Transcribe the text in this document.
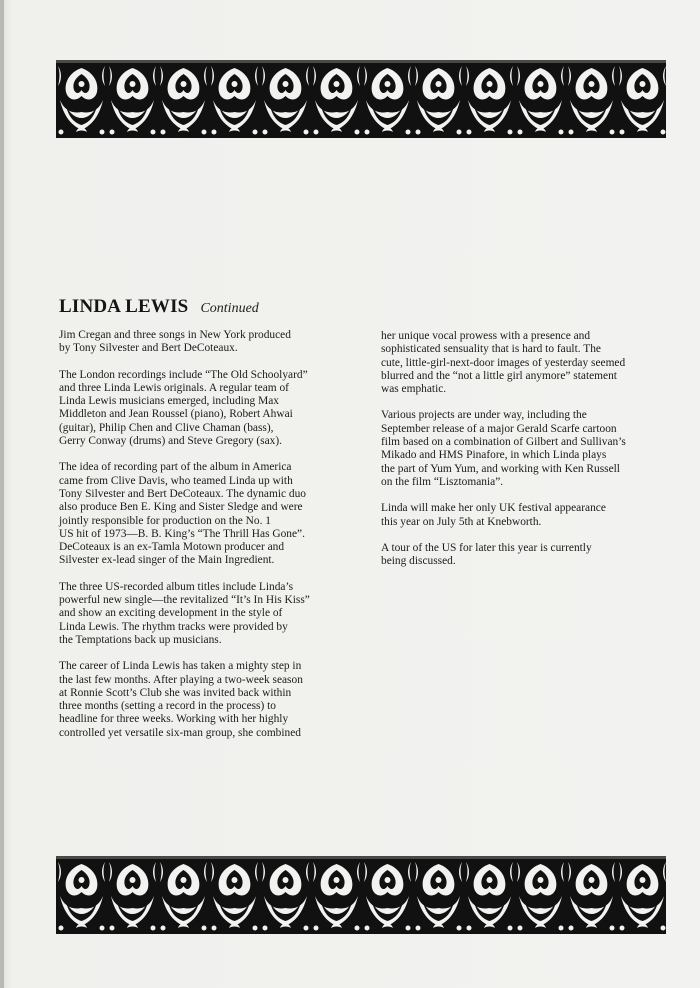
LINDA LEWIS Continued

Jim Cregan and three songs in New York produced
by Tony Silvester and Bert DeCoteaux.

The London recordings include “The Old Schoolyard”
and three Linda Lewis originals. A regular team of
Linda Lewis musicians emerged, including Max
Middleton and Jean Roussel (piano), Robert Ahwai
(guitar), Philip Chen and Clive Chaman (bass),
Gerry Conway (drums) and Steve Gregory (sax).

The idea of recording part of the album in America
came from Clive Davis, who teamed Linda up with
Tony Silvester and Bert DeCoteaux. The dynamic duo
also produce Ben E. King and Sister Sledge and were
jointly responsible for production on the No. 1
US hit of 1973—B. B. King’s “The Thrill Has Gone”.
DeCoteaux is an ex-Tamla Motown producer and
Silvester ex-lead singer of the Main Ingredient.

The three US-recorded album titles include Linda’s
powerful new single—the revitalized “It’s In His Kiss”
and show an exciting development in the style of
Linda Lewis. The rhythm tracks were provided by
the Temptations back up musicians.

The career of Linda Lewis has taken a mighty step in
the last few months. After playing a two-week season
at Ronnie Scott’s Club she was invited back within
three months (setting a record in the process) to
headline for three weeks. Working with her highly
controlled yet versatile six-man group, she combined

her unique vocal prowess with a presence and
sophisticated sensuality that is hard to fault. The
cute, little-girl-next-door images of yesterday seemed
blurred and the “not a little girl anymore” statement
was emphatic.

Various projects are under way, including the
September release of a major Gerald Scarfe cartoon
film based on a combination of Gilbert and Sullivan’s
Mikado and HMS Pinafore, in which Linda plays
the part of Yum Yum, and working with Ken Russell
on the film “Lisztomania”.

Linda will make her only UK festival appearance
this year on July 5th at Knebworth.

A tour of the US for later this year is currently
being discussed.
